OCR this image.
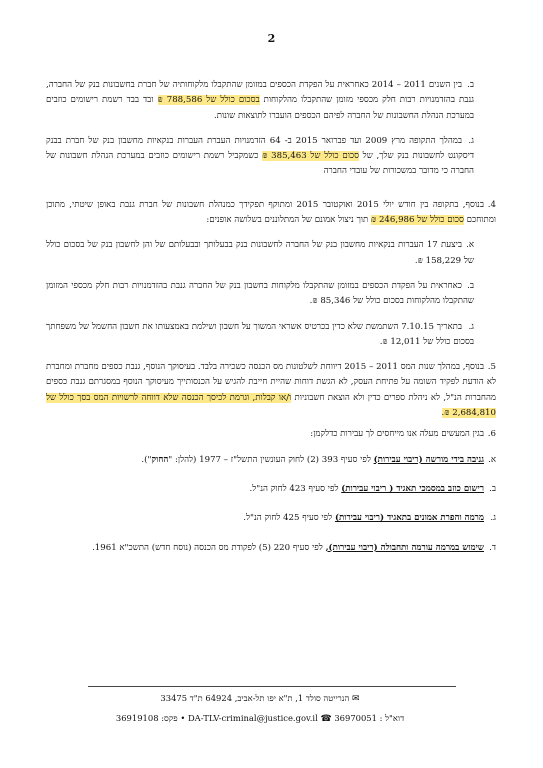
2

ב.בין השנים 2011 – 2014 כאחראית על הפקדת הכספים במזומן שהתקבלו מלקוחותיה של חברת בחשבונות בנק של החברה, גנבת בהזדמנויות רבות חלק מכספי מזומן שהתקבלו מהלקוחות בסכום כולל של 788,586 ₪ ובד בבד רשמת רישומים כוזבים במערכת הנהלת החשבונות של החברה לפיהם הכספים הועברו לתוצאות שונות.

ג.במהלך התקופה מרץ 2009 ועד פברואר 2015 ב- 64 הזדמנויות העברת העברות בנקאיות מחשבון בנק של חברת בבנק דיסקונט לחשבונות בנק שלך, של סכום כולל של 385,463 ₪ כשמקביל רשמת רישומים כוזבים במערכת הנהלת חשבונות של החברה כי מדובר במשכורות של עובדי החברה

4.בנוסף, בתקופה בין חודש יולי 2015 ואוקטובר 2015 ומתוקף תפקידך כמנהלת חשבונות של חברת גנבת באופן שיטתי, מתוכן ומתוחכם סכום כולל של 246,986 ₪ תוך ניצול אמונם של המתלוננים בשלושה אופנים:

א.ביצעת 17 העברות בנקאיות מחשבון בנק של החברה לחשבונות בנק בבעלותך ובבעלותם של והן לחשבון בנק של בסכום כולל של 158,229 ₪.

ב.כאחראית על הפקדת הכספים במזומן שהתקבלו מלקוחות בחשבון בנק של החברה גנבת בהזדמנויות רבות חלק מכספי המזומן שהתקבלו מהלקוחות בסכום כולל של 85,346 ₪.

ג.בתאריך 7.10.15 השתמשת שלא כדין בכרטיס אשראי המשוך על חשבון ושילמת באמצעותו את חשבון החשמל של משפחתך בסכום כולל של 12,011 ₪.

5.בנוסף, במהלך שנות המס 2011 – 2015 דיווחת לשלטונות מס הכנסה כשכירה בלבד. בעיסוקך הנוסף, גנבת כספים מחברת ומחברת לא הודעת לפקיד השומה על פתיחת העסק, לא הגשת דוחות שהיית חייבת להגיש על הכנסותייך מעיסוקך הנוסף במסגרתם גנבת כספים מהחברות הנ"ל, לא ניהלת ספרים כדין ולא הוצאת חשבוניות ו/או קבלות, וגרמת לכיסך הכנסה שלא דווחה לרשויות המס בסך כולל של 2,684,810 ₪.

6.בגין המעשים מעלה אנו מייחסים לך עבירות כדלקמן:

א.גניבה בידי מורשה (ריבוי עבירות) לפי סעיף 393 (2) לחוק העונשין התשל"ז – 1977 (להלן: "החוק").

ב.רישום כוזב במסמכי תאגיד ( ריבוי עבירות) לפי סעיף 423 לחוק הנ"ל.

ג.מרמה והפרת אמונים בתאגיד (ריבוי עבירות) לפי סעיף 425 לחוק הנ"ל.

ד.שימוש במרמה עורמה ותחבולה (ריבוי עבירות), לפי סעיף 220 (5) לפקודת מס הכנסה (נוסח חדש) התשכ"א 1961.

✉ הנרייטה סולד 1, ת"א יפו תל-אביב, 64924 ת"ד 33475
דוא"ל : DA-TLV-criminal@justice.gov.il ☎ 36970051 • פקס: 36919108
